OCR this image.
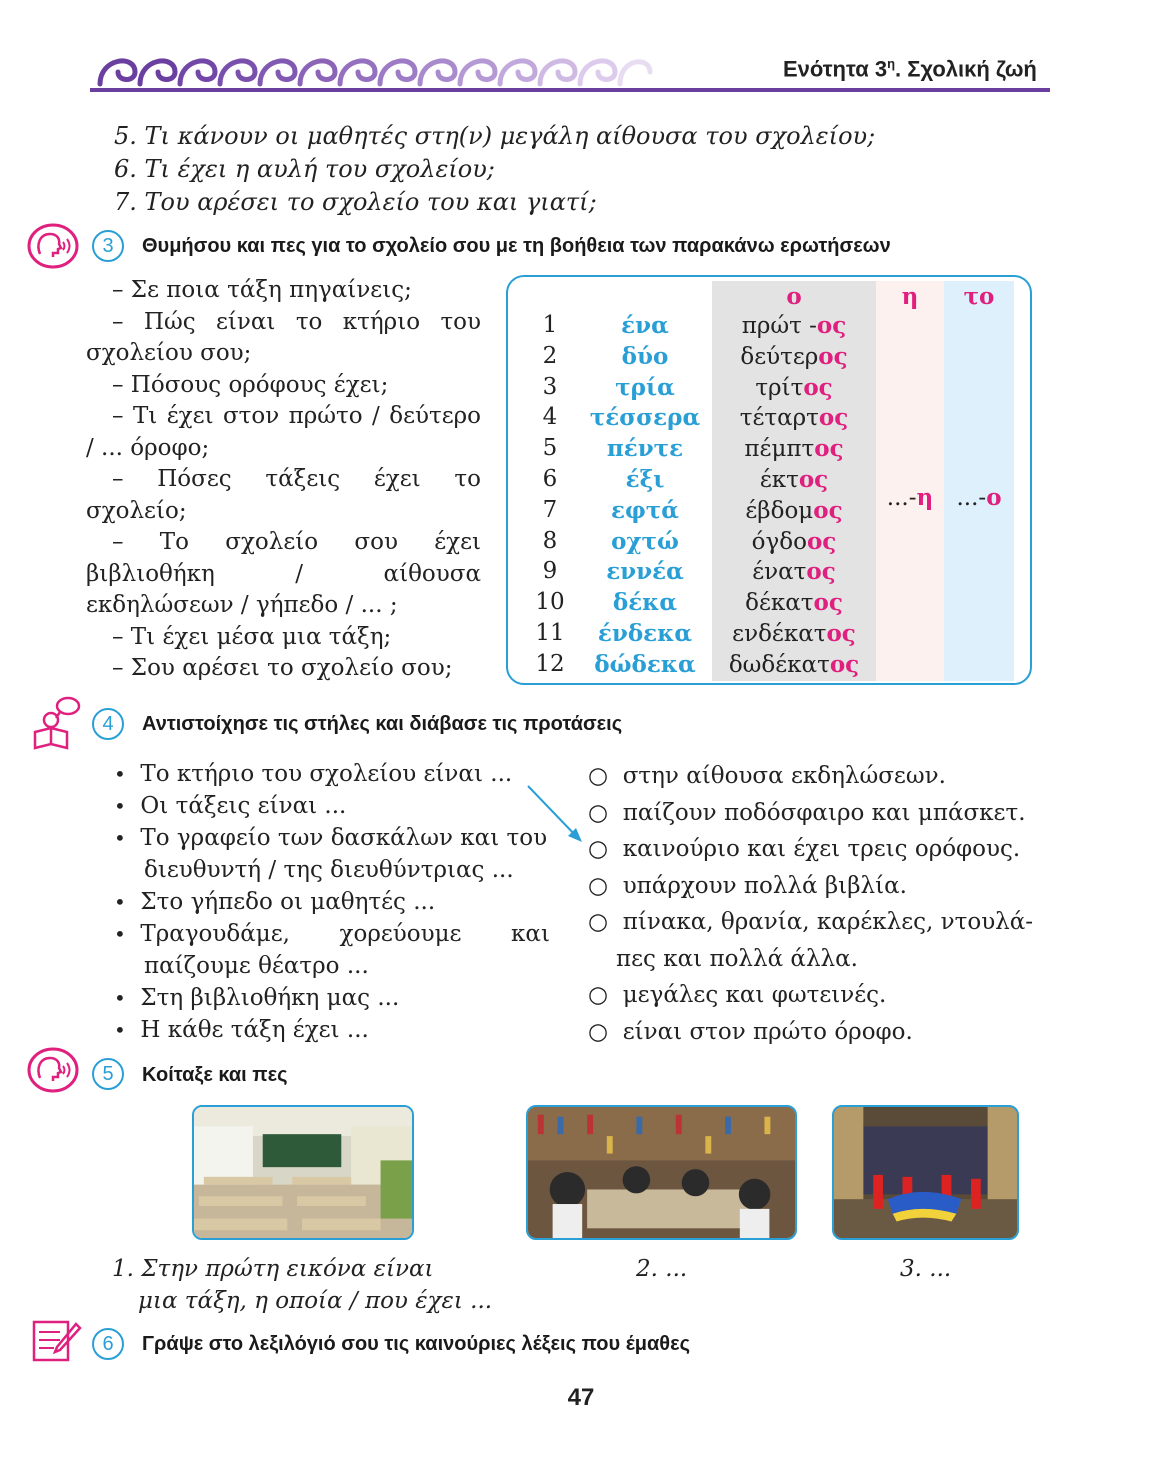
Ενότητα $3^\eta$. Σχολική ζωή
5. Τι κάνουν οι μαθητές στη(ν) μεγάλη αίθουσα του σχολείου;
6. Τι έχει η αυλή του σχολείου;
7. Του αρέσει το σχολείο του και γιατί;
3	Θυμήσου και πες για το σχολείο σου με τη βοήθεια των παρακάνω ερωτήσεων
– Σε ποια τάξη πηγαίνεις;
– Πώς είναι το κτήριο του σχολείου σου;
– Πόσους ορόφους έχει;
– Τι έχει στον πρώτο / δεύτερο / ... όροφο;
– Πόσες τάξεις έχει το σχολείο;
– Το σχολείο σου έχει βιβλιοθήκη / αίθουσα εκδηλώσεων / γήπεδο / ... ;
– Τι έχει μέσα μια τάξη;
– Σου αρέσει το σχολείο σου;
ο	η	το
1	ένα	πρώτ -ος
2	δύο	δεύτερος
3	τρία	τρίτος
4	τέσσερα	τέταρτος
5	πέντε	πέμπτος
6	έξι	έκτος
7	εφτά	έβδομος
8	οχτώ	όγδοος
9	εννέα	ένατος
10	δέκα	δέκατος
11	ένδεκα	ενδέκατος
12	δώδεκα	δωδέκατος
...-η	...-ο
4	Αντιστοίχησε τις στήλες και διάβασε τις προτάσεις
• Το κτήριο του σχολείου είναι ...
• Οι τάξεις είναι ...
• Το γραφείο των δασκάλων και του
διευθυντή / της διευθύντριας ...
• Στο γήπεδο οι μαθητές ...
• Τραγουδάμε, χορεύουμε και
παίζουμε θέατρο ...
• Στη βιβλιοθήκη μας ...
• Η κάθε τάξη έχει ...
○  στην αίθουσα εκδηλώσεων.
○  παίζουν ποδόσφαιρο και μπάσκετ.
○  καινούριο και έχει τρεις ορόφους.
○  υπάρχουν πολλά βιβλία.
○  πίνακα, θρανία, καρέκλες, ντουλά-
πες και πολλά άλλα.
○  μεγάλες και φωτεινές.
○  είναι στον πρώτο όροφο.
5	Κοίταξε και πες
1. Στην πρώτη εικόνα είναι
μια τάξη, η οποία / που έχει ...
2. ...	3. ...
6	Γράψε στο λεξιλόγιό σου τις καινούριες λέξεις που έμαθες
47
